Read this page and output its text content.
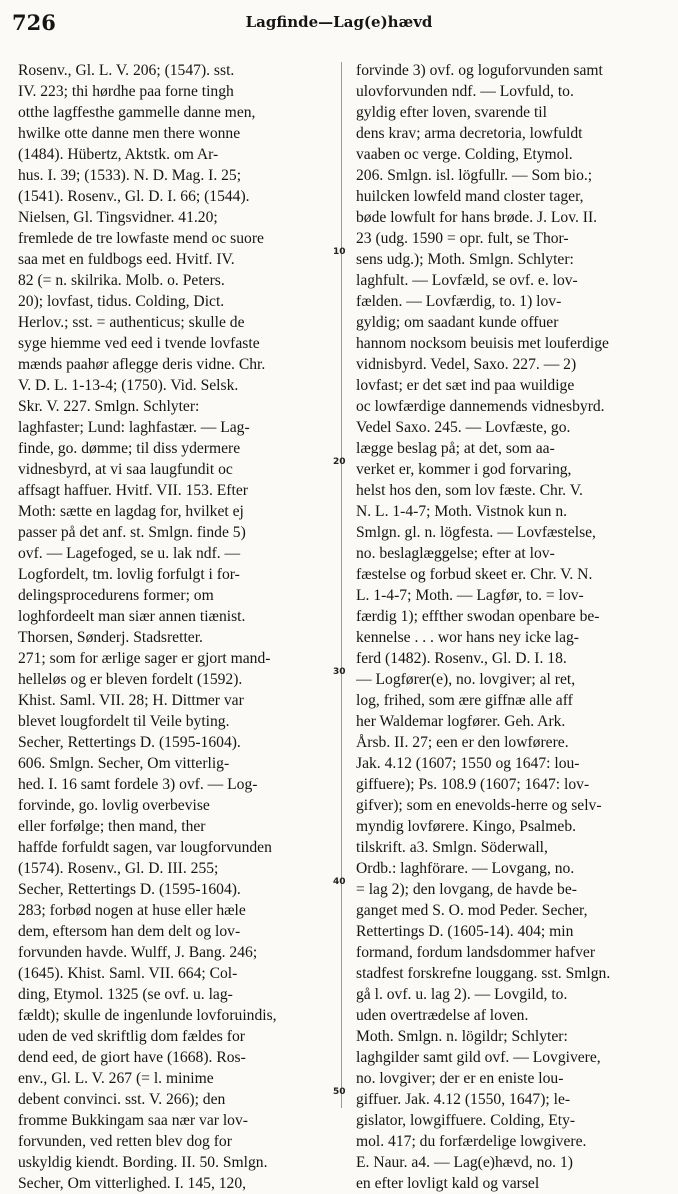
726	Lagfinde—Lag(e)hævd
Rosenv., Gl. L. V. 206; (1547). sst.
IV. 223; thi hørdhe paa forne tingh
otthe lagffesthe gammelle danne men,
hwilke otte danne men there wonne
(1484). Hübertz, Aktstk. om Ar-
hus. I. 39; (1533). N. D. Mag. I. 25;
(1541). Rosenv., Gl. D. I. 66; (1544).
Nielsen, Gl. Tingsvidner. 41.20;
fremlede de tre lowfaste mend oc suore
saa met en fuldbogs eed. Hvitf. IV.
82 (= n. skilrika. Molb. o. Peters.
20); lovfast, tidus. Colding, Dict.
Herlov.; sst. = authenticus; skulle de
syge hiemme ved eed i tvende lovfaste
mænds paahør aflegge deris vidne. Chr.
V. D. L. 1-13-4; (1750). Vid. Selsk.
Skr. V. 227. Smlgn. Schlyter:
laghfaster; Lund: laghfastær. — Lag-
finde, go. dømme; til diss ydermere
vidnesbyrd, at vi saa laugfundit oc
affsagt haffuer. Hvitf. VII. 153. Efter
Moth: sætte en lagdag for, hvilket ej
passer på det anf. st. Smlgn. finde 5)
ovf. — Lagefoged, se u. lak ndf. —
Logfordelt, tm. lovlig forfulgt i for-
delingsprocedurens former; om
loghfordeelt man siær annen tiænist.
Thorsen, Sønderj. Stadsretter.
271; som for ærlige sager er gjort mand-
helleløs og er bleven fordelt (1592).
Khist. Saml. VII. 28; H. Dittmer var
blevet lougfordelt til Veile byting.
Secher, Rettertings D. (1595-1604).
606. Smlgn. Secher, Om vitterlig-
hed. I. 16 samt fordele 3) ovf. — Log-
forvinde, go. lovlig overbevise
eller forfølge; then mand, ther
haffde forfuldt sagen, var lougforvunden
(1574). Rosenv., Gl. D. III. 255;
Secher, Rettertings D. (1595-1604).
283; forbød nogen at huse eller hæle
dem, eftersom han dem delt og lov-
forvunden havde. Wulff, J. Bang. 246;
(1645). Khist. Saml. VII. 664; Col-
ding, Etymol. 1325 (se ovf. u. lag-
fældt); skulle de ingenlunde lovforuindis,
uden de ved skriftlig dom fældes for
dend eed, de giort have (1668). Ros-
env., Gl. L. V. 267 (= l. minime
debent convinci. sst. V. 266); den
fromme Bukkingam saa nær var lov-
forvunden, ved retten blev dog for
uskyldig kiendt. Bording. II. 50. Smlgn.
Secher, Om vitterlighed. I. 145, 120,
forvinde 3) ovf. og loguforvunden samt
ulovforvunden ndf. — Lovfuld, to.
gyldig efter loven, svarende til
dens krav; arma decretoria, lowfuldt
vaaben oc verge. Colding, Etymol.
206. Smlgn. isl. lögfullr. — Som bio.;
huilcken lowfeld mand closter tager,
bøde lowfult for hans brøde. J. Lov. II.
23 (udg. 1590 = opr. fult, se Thor-
sens udg.); Moth. Smlgn. Schlyter:
laghfult. — Lovfæld, se ovf. e. lov-
fælden. — Lovfærdig, to. 1) lov-
gyldig; om saadant kunde offuer
hannom nocksom beuisis met louferdige
vidnisbyrd. Vedel, Saxo. 227. — 2)
lovfast; er det sæt ind paa wuildige
oc lowfærdige dannemends vidnesbyrd.
Vedel Saxo. 245. — Lovfæste, go.
lægge beslag på; at det, som aa-
verket er, kommer i god forvaring,
helst hos den, som lov fæste. Chr. V.
N. L. 1-4-7; Moth. Vistnok kun n.
Smlgn. gl. n. lögfesta. — Lovfæstelse,
no. beslaglæggelse; efter at lov-
fæstelse og forbud skeet er. Chr. V. N.
L. 1-4-7; Moth. — Lagfør, to. = lov-
færdig 1); effther swodan openbare be-
kennelse . . . wor hans ney icke lag-
ferd (1482). Rosenv., Gl. D. I. 18.
— Logfører(e), no. lovgiver; al ret,
log, frihed, som ære giffnæ alle aff
her Waldemar logfører. Geh. Ark.
Årsb. II. 27; een er den lowførere.
Jak. 4.12 (1607; 1550 og 1647: lou-
giffuere); Ps. 108.9 (1607; 1647: lov-
gifver); som en enevolds-herre og selv-
myndig lovførere. Kingo, Psalmeb.
tilskrift. a3. Smlgn. Söderwall,
Ordb.: laghförare. — Lovgang, no.
= lag 2); den lovgang, de havde be-
ganget med S. O. mod Peder. Secher,
Rettertings D. (1605-14). 404; min
formand, fordum landsdommer hafver
stadfest forskrefne louggang. sst. Smlgn.
gå l. ovf. u. lag 2). — Lovgild, to.
uden overtrædelse af loven.
Moth. Smlgn. n. lögildr; Schlyter:
laghgilder samt gild ovf. — Lovgivere,
no. lovgiver; der er en eniste lou-
giffuer. Jak. 4.12 (1550, 1647); le-
gislator, lowgiffuere. Colding, Ety-
mol. 417; du forfærdelige lowgivere.
E. Naur. a4. — Lag(e)hævd, no. 1)
en efter lovligt kald og varsel
10
20
30
40
50
